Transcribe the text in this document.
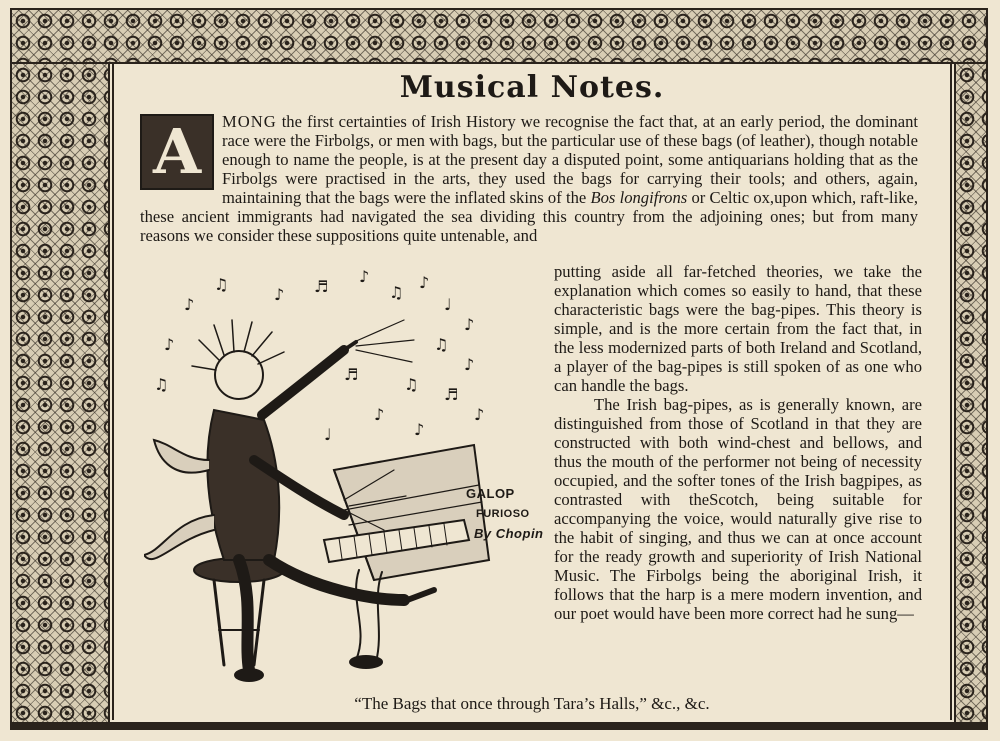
Musical Notes.
A	MONG the first certainties of Irish History we recognise the fact that, at an early period, the dominant race were the Firbolgs, or men with bags, but the particular use of these bags (of leather), though notable enough to name the people, is at the present day a disputed point, some antiquarians holding that as the Firbolgs were practised in the arts, they used the bags for carrying their tools; and others, again, maintaining that the bags were the inflated skins of the Bos longifrons or Celtic ox,upon which, raft-like, these ancient immigrants had navigated the sea dividing this country from the adjoining ones; but from many reasons we consider these suppositions quite untenable, and

♪
♫
♪ ♬
♪
♫
♪
♩
♪
♫
♪
♬
♪
♫
♪
♩
♪
♫
♪
♬
GALOP
FURIOSO
By Chopin

putting aside all far-fetched theories, we take the explanation which comes so easily to hand, that these characteristic bags were the bag-pipes. This theory is simple, and is the more certain from the fact that, in the less modernized parts of both Ireland and Scotland, a player of the bag-pipes is still spoken of as one who can handle the bags.

The Irish bag-pipes, as is generally known, are distinguished from those of Scotland in that they are constructed with both wind-chest and bellows, and thus the mouth of the performer not being of necessity occupied, and the softer tones of the Irish bagpipes, as contrasted with theScotch, being suitable for accompanying the voice, would naturally give rise to the habit of singing, and thus we can at once account for the ready growth and superiority of Irish National Music. The Firbolgs being the aboriginal Irish, it follows that the harp is a mere modern invention, and our poet would have been more correct had he sung—

“The Bags that once through Tara’s Halls,” &c., &c.
